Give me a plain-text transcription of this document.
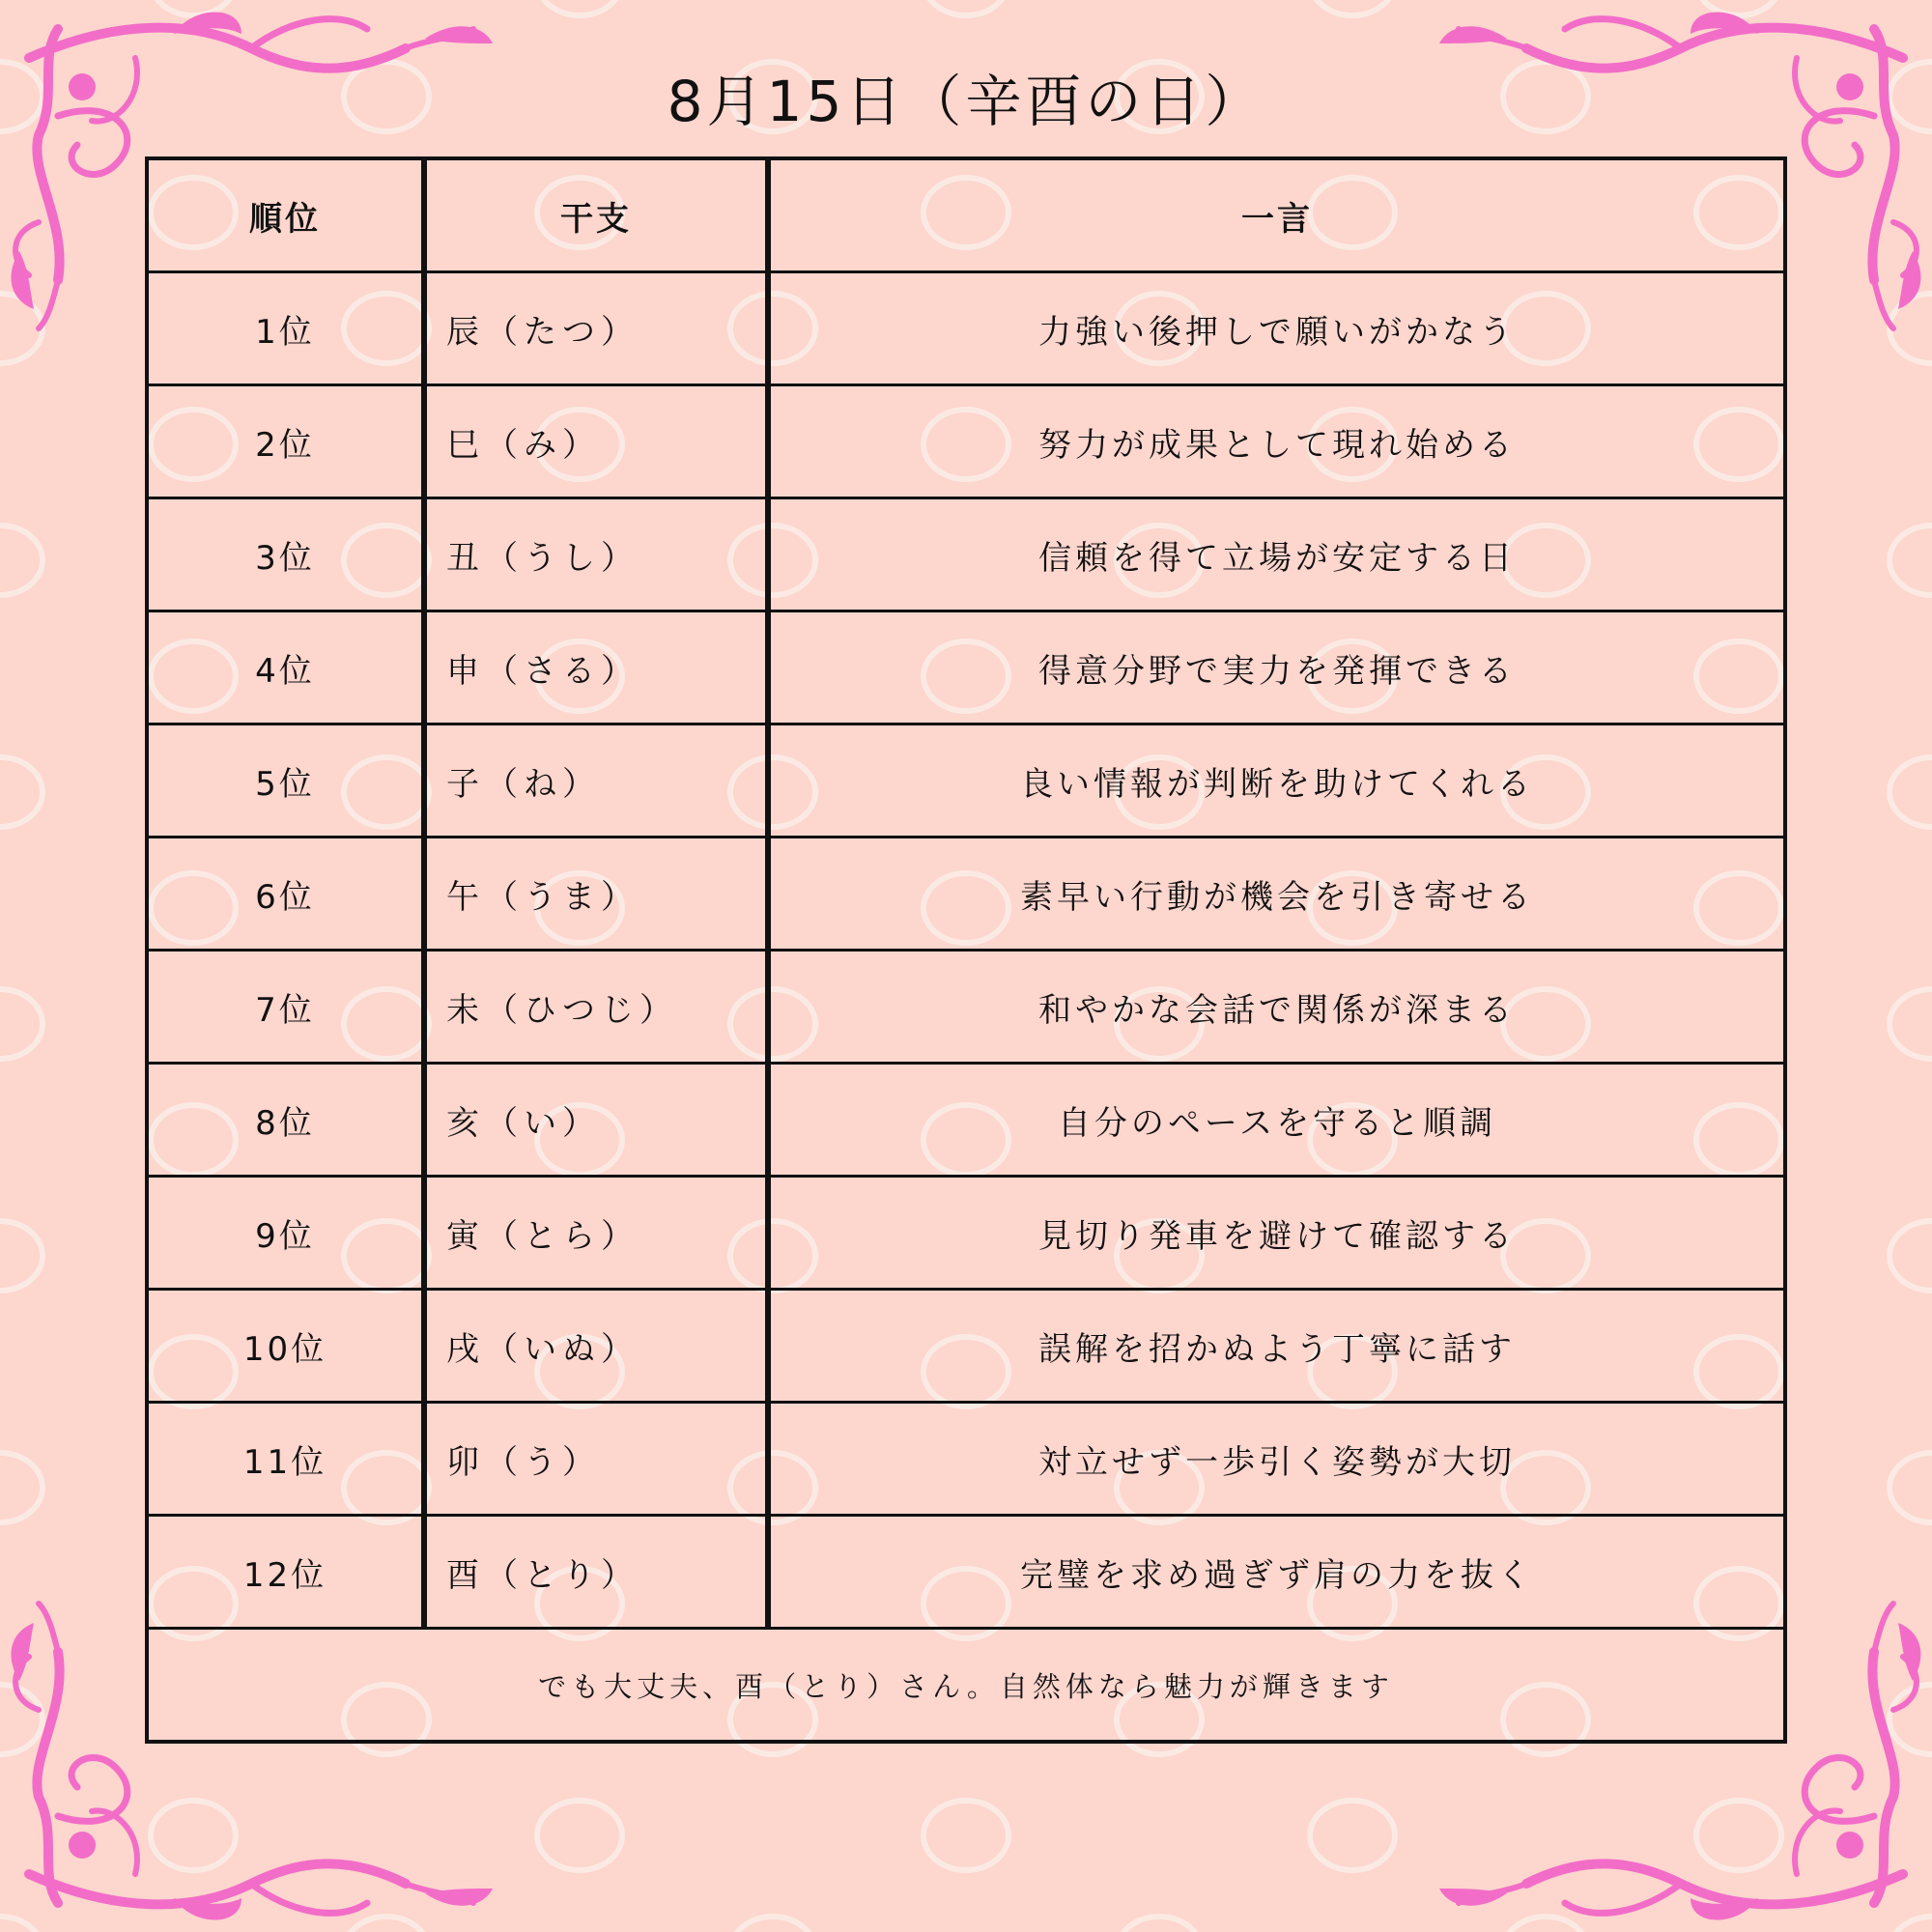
8月15日（辛酉の日）
順位	干支	一言
1位	辰（たつ）	力強い後押しで願いがかなう
2位	巳（み）	努力が成果として現れ始める
3位	丑（うし）	信頼を得て立場が安定する日
4位	申（さる）	得意分野で実力を発揮できる
5位	子（ね）	良い情報が判断を助けてくれる
6位	午（うま）	素早い行動が機会を引き寄せる
7位	未（ひつじ）	和やかな会話で関係が深まる
8位	亥（い）	自分のペースを守ると順調
9位	寅（とら）	見切り発車を避けて確認する
10位	戌（いぬ）	誤解を招かぬよう丁寧に話す
11位	卯（う）	対立せず一歩引く姿勢が大切
12位	酉（とり）	完璧を求め過ぎず肩の力を抜く
でも大丈夫、酉（とり）さん。自然体なら魅力が輝きます		
